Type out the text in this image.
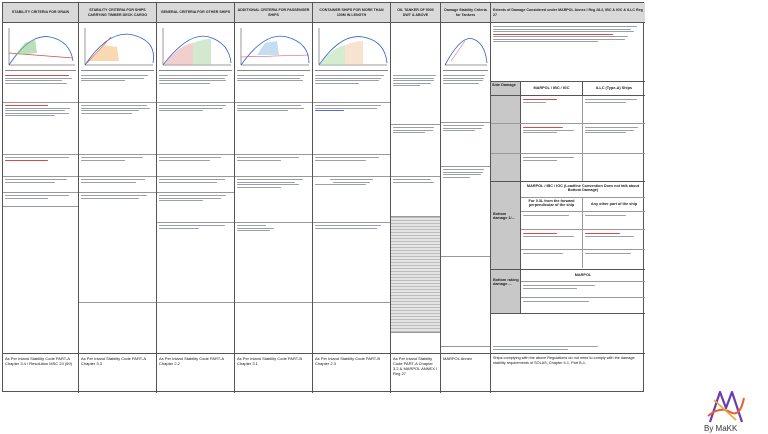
STABILITY CRITERIA FOR GRAIN
As Per Inland Stability Code PART-A Chapter 3.4 / Resolution MSC 23 (59)
STABILITY CRITERIA FOR SHIPS CARRYING TIMBER DECK CARGO
As Per Inland Stability Code PART-A Chapter 3.3
GENERAL CRITERIA FOR OTHER SHIPS
As Per Inland Stability Code PART-A Chapter 2.2
ADDITIONAL CRITERIA FOR PASSENGER SHIPS
As Per Inland Stability Code PART-B Chapter 3.1
CONTAINER SHIPS FOR MORE THAN 100M IN LENGTH
As Per Inland Stability Code PART-B Chapter 2.3
OIL TANKER OF 5000 DWT & ABOVE
As Per Inland Stability Code PART-A Chapter 3.2 & MARPOL ANNEX I Reg 27
Damage Stability Criteria for Tankers
MARPOL Annex
Extents of Damage Considered under MARPOL Annex I Reg 28.2, IBC & IGC & ILLC Reg 27
Side Damage
MARPOL / IBC / IGC	ILLC (Type-A) Ships
Bottom damage 1/...
MARPOL / IBC / IGC (Loadline Convention Does not talk about Bottom Damage)
For 0.3L from the forward perpendicular of the ship	Any other part of the ship
Bottom raking damage ...
MARPOL
Ships complying with the above Regulations do not need to comply with the damage stability requirements of SOLAS, Chapter II-1, Part B-1.
By MaKK
